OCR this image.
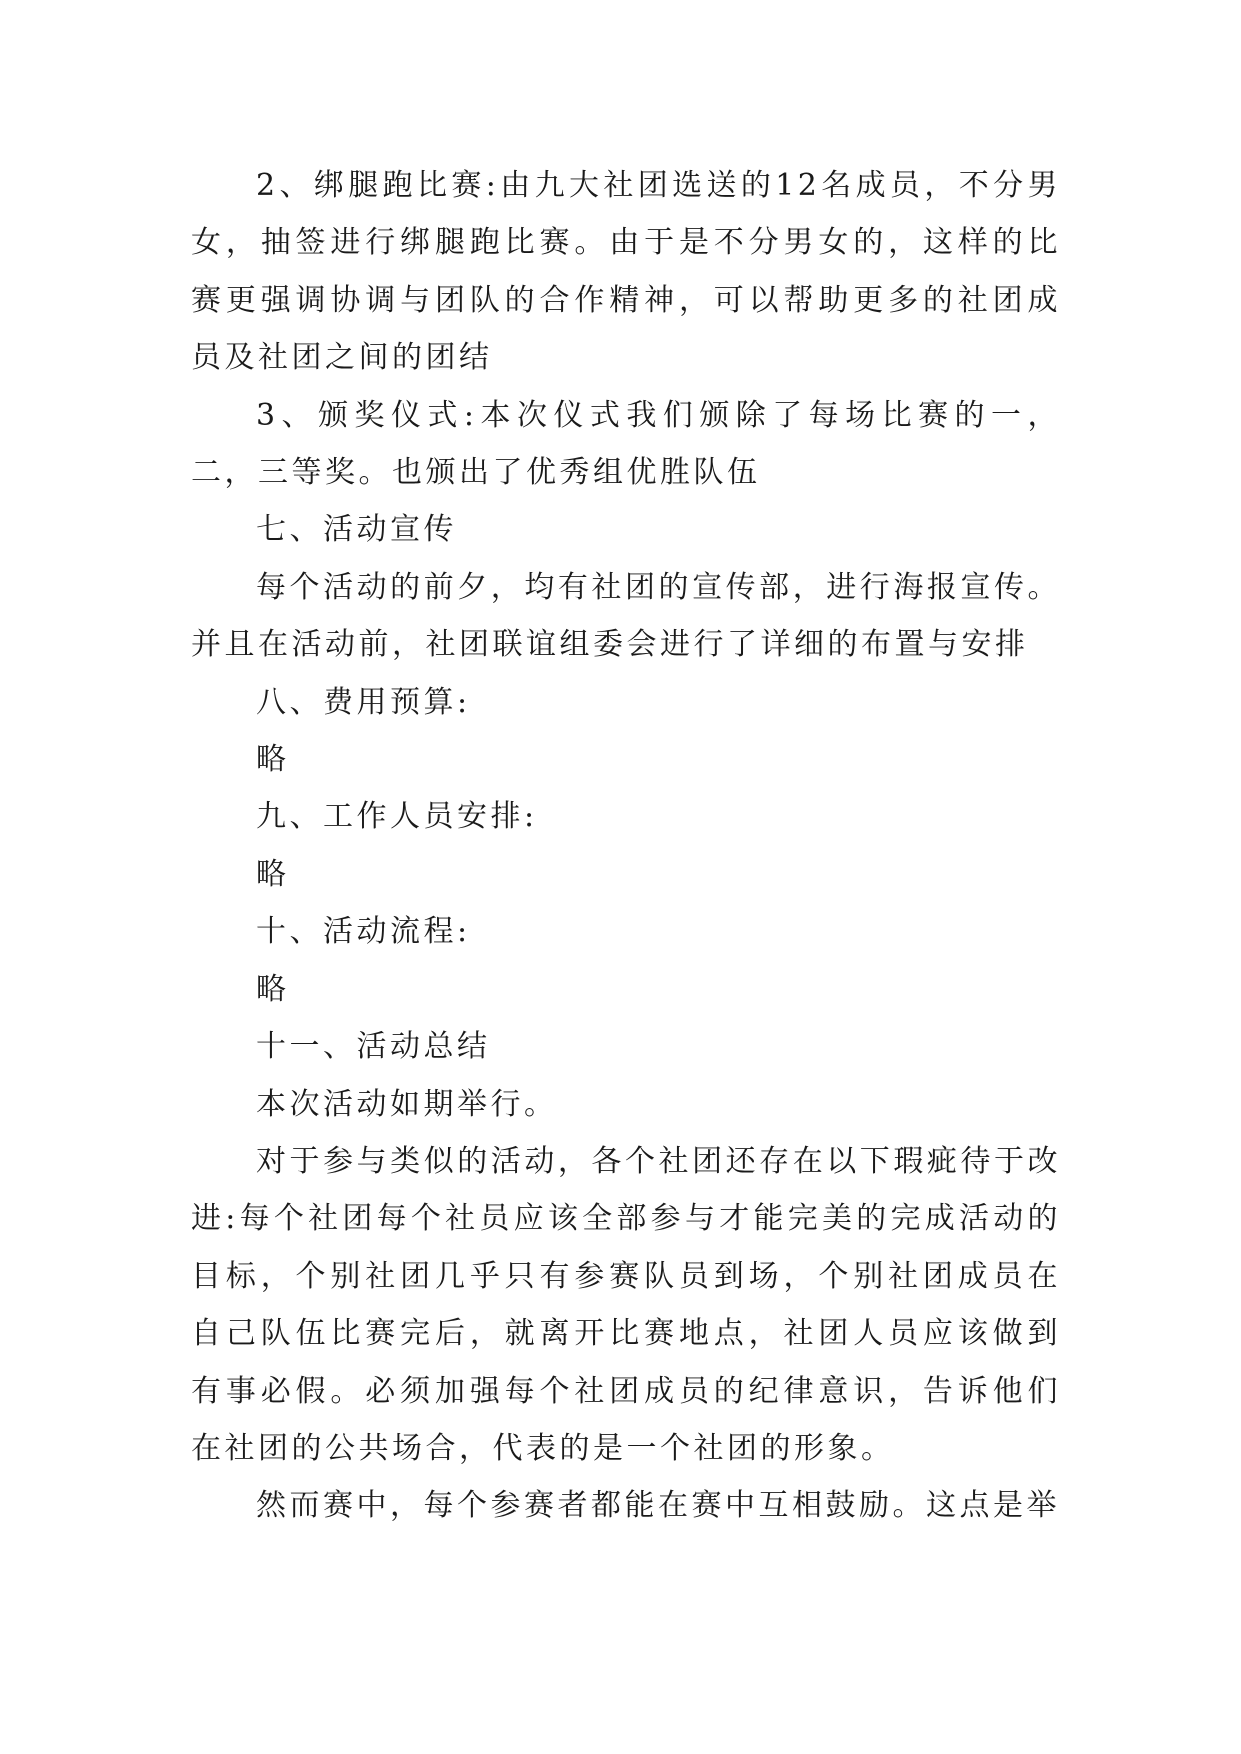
2、绑腿跑比赛:由九大社团选送的12名成员，不分男女，抽签进行绑腿跑比赛。由于是不分男女的，这样的比赛更强调协调与团队的合作精神，可以帮助更多的社团成员及社团之间的团结

3、颁奖仪式:本次仪式我们颁除了每场比赛的一，二，三等奖。也颁出了优秀组优胜队伍

七、活动宣传

每个活动的前夕，均有社团的宣传部，进行海报宣传。并且在活动前，社团联谊组委会进行了详细的布置与安排

八、费用预算:

略

九、工作人员安排:

略

十、活动流程:

略

十一、活动总结

本次活动如期举行。

对于参与类似的活动，各个社团还存在以下瑕疵待于改进:每个社团每个社员应该全部参与才能完美的完成活动的目标，个别社团几乎只有参赛队员到场，个别社团成员在自己队伍比赛完后，就离开比赛地点，社团人员应该做到有事必假。必须加强每个社团成员的纪律意识，告诉他们在社团的公共场合，代表的是一个社团的形象。

然而赛中，每个参赛者都能在赛中互相鼓励。这点是举
